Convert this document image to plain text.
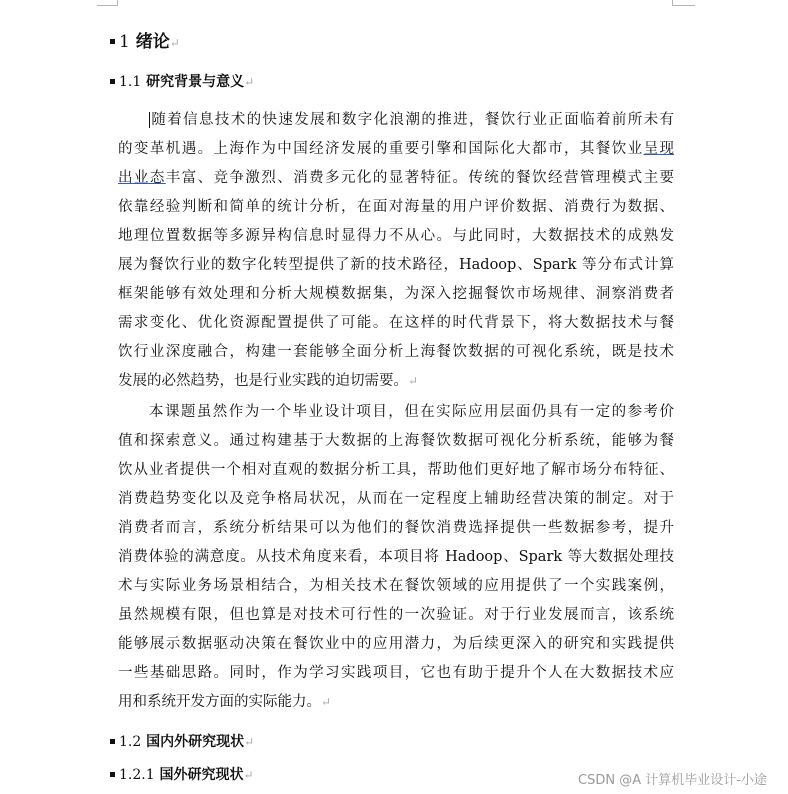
1 绪论↵
1.1 研究背景与意义↵
随着信息技术的快速发展和数字化浪潮的推进，餐饮行业正面临着前所未有
的变革机遇。上海作为中国经济发展的重要引擎和国际化大都市，其餐饮业呈现
出业态丰富、竞争激烈、消费多元化的显著特征。传统的餐饮经营管理模式主要
依靠经验判断和简单的统计分析，在面对海量的用户评价数据、消费行为数据、
地理位置数据等多源异构信息时显得力不从心。与此同时，大数据技术的成熟发
展为餐饮行业的数字化转型提供了新的技术路径，Hadoop、Spark 等分布式计算
框架能够有效处理和分析大规模数据集，为深入挖掘餐饮市场规律、洞察消费者
需求变化、优化资源配置提供了可能。在这样的时代背景下，将大数据技术与餐
饮行业深度融合，构建一套能够全面分析上海餐饮数据的可视化系统，既是技术
发展的必然趋势，也是行业实践的迫切需要。↵
本课题虽然作为一个毕业设计项目，但在实际应用层面仍具有一定的参考价
值和探索意义。通过构建基于大数据的上海餐饮数据可视化分析系统，能够为餐
饮从业者提供一个相对直观的数据分析工具，帮助他们更好地了解市场分布特征、
消费趋势变化以及竞争格局状况，从而在一定程度上辅助经营决策的制定。对于
消费者而言，系统分析结果可以为他们的餐饮消费选择提供一些数据参考，提升
消费体验的满意度。从技术角度来看，本项目将 Hadoop、Spark 等大数据处理技
术与实际业务场景相结合，为相关技术在餐饮领域的应用提供了一个实践案例，
虽然规模有限，但也算是对技术可行性的一次验证。对于行业发展而言，该系统
能够展示数据驱动决策在餐饮业中的应用潜力，为后续更深入的研究和实践提供
一些基础思路。同时，作为学习实践项目，它也有助于提升个人在大数据技术应
用和系统开发方面的实际能力。↵
1.2 国内外研究现状↵
1.2.1 国外研究现状↵	CSDN @A 计算机毕业设计-小途
